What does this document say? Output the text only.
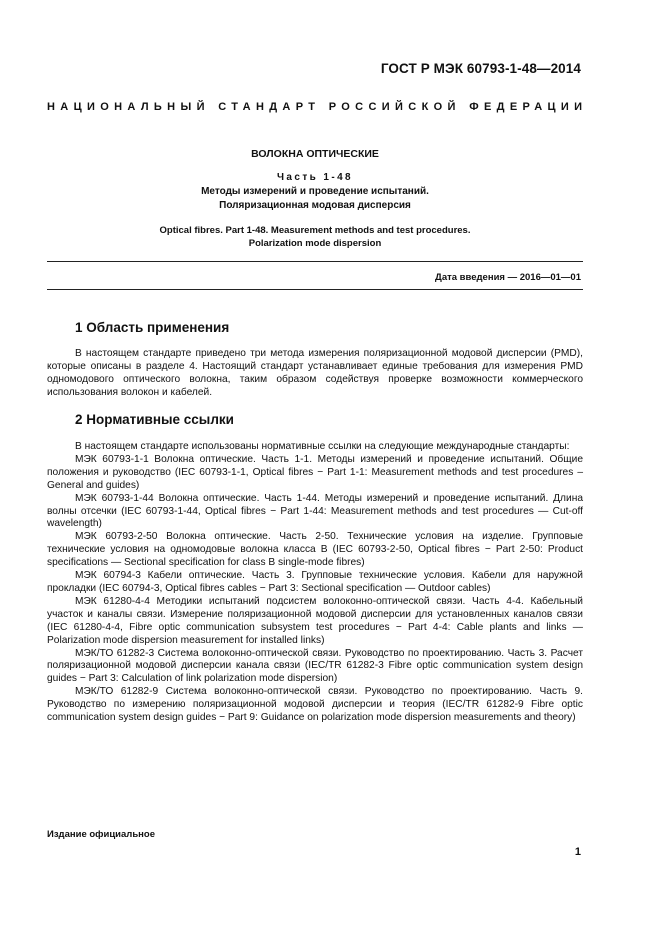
ГОСТ Р МЭК 60793-1-48—2014
НАЦИОНАЛЬНЫЙ СТАНДАРТ РОССИЙСКОЙ ФЕДЕРАЦИИ
ВОЛОКНА ОПТИЧЕСКИЕ
Часть 1-48
Методы измерений и проведение испытаний.
Поляризационная модовая дисперсия
Optical fibres. Part 1-48. Measurement methods and test procedures.
Polarization mode dispersion
Дата введения — 2016—01—01
1 Область применения

В настоящем стандарте приведено три метода измерения поляризационной модовой дисперсии (PMD), которые описаны в разделе 4. Настоящий стандарт устанавливает единые требования для измерения PMD одномодового оптического волокна, таким образом содействуя проверке возможности коммерческого использования волокон и кабелей.

2 Нормативные ссылки

В настоящем стандарте использованы нормативные ссылки на следующие международные стандарты:

МЭК 60793-1-1 Волокна оптические. Часть 1-1. Методы измерений и проведение испытаний. Общие положения и руководство (IEC 60793-1-1, Optical fibres − Part 1-1: Measurement methods and test procedures –General and guides)

МЭК 60793-1-44 Волокна оптические. Часть 1-44. Методы измерений и проведение испытаний. Длина волны отсечки (IEC 60793-1-44, Optical fibres − Part 1-44: Measurement methods and test procedures — Cut-off wavelength)

МЭК 60793-2-50 Волокна оптические. Часть 2-50. Технические условия на изделие. Групповые технические условия на одномодовые волокна класса B (IEC 60793-2-50, Optical fibres − Part 2-50: Product specifications — Sectional specification for class B single-mode fibres)

МЭК 60794-3 Кабели оптические. Часть 3. Групповые технические условия. Кабели для наружной прокладки (IEC 60794-3, Optical fibres cables − Part 3: Sectional specification — Outdoor cables)

МЭК 61280-4-4 Методики испытаний подсистем волоконно-оптической связи. Часть 4-4. Кабельный участок и каналы связи. Измерение поляризационной модовой дисперсии для установленных каналов связи (IEC 61280-4-4, Fibre optic communication subsystem test procedures − Part 4-4: Cable plants and links — Polarization mode dispersion measurement for installed links)

МЭК/ТО 61282-3 Система волоконно-оптической связи. Руководство по проектированию. Часть 3. Расчет поляризационной модовой дисперсии канала связи (IEC/TR 61282-3 Fibre optic communication system design guides − Part 3: Calculation of link polarization mode dispersion)

МЭК/ТО 61282-9 Система волоконно-оптической связи. Руководство по проектированию. Часть 9. Руководство по измерению поляризационной модовой дисперсии и теория (IEC/TR 61282-9 Fibre optic communication system design guides − Part 9: Guidance on polarization mode dispersion measurements and theory)

Издание официальное
1
